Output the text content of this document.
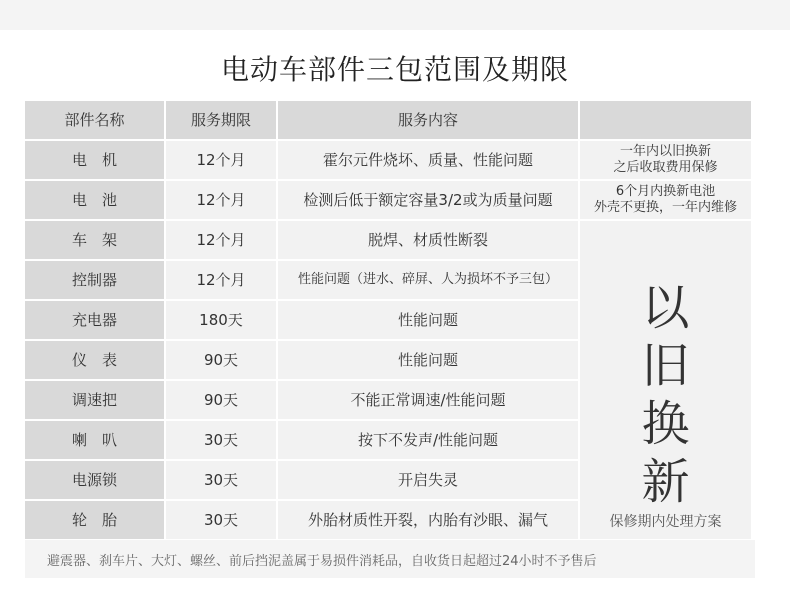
电动车部件三包范围及期限
部件名称	服务期限	服务内容
电　机	12个月	霍尔元件烧坏、质量、性能问题	一年内以旧换新
之后收取费用保修
电　池	12个月	检测后低于额定容量3/2或为质量问题	6个月内换新电池
外壳不更换，一年内维修
车　架	12个月	脱焊、材质性断裂
控制器	12个月	性能问题（进水、碎屏、人为损坏不予三包）
充电器	180天	性能问题
仪　表	90天	性能问题
调速把	90天	不能正常调速/性能问题
喇　叭	30天	按下不发声/性能问题
电源锁	30天	开启失灵
轮　胎	30天	外胎材质性开裂，内胎有沙眼、漏气
以旧换新
保修期内处理方案
避震器、刹车片、大灯、螺丝、前后挡泥盖属于易损件消耗品，自收货日起超过24小时不予售后
